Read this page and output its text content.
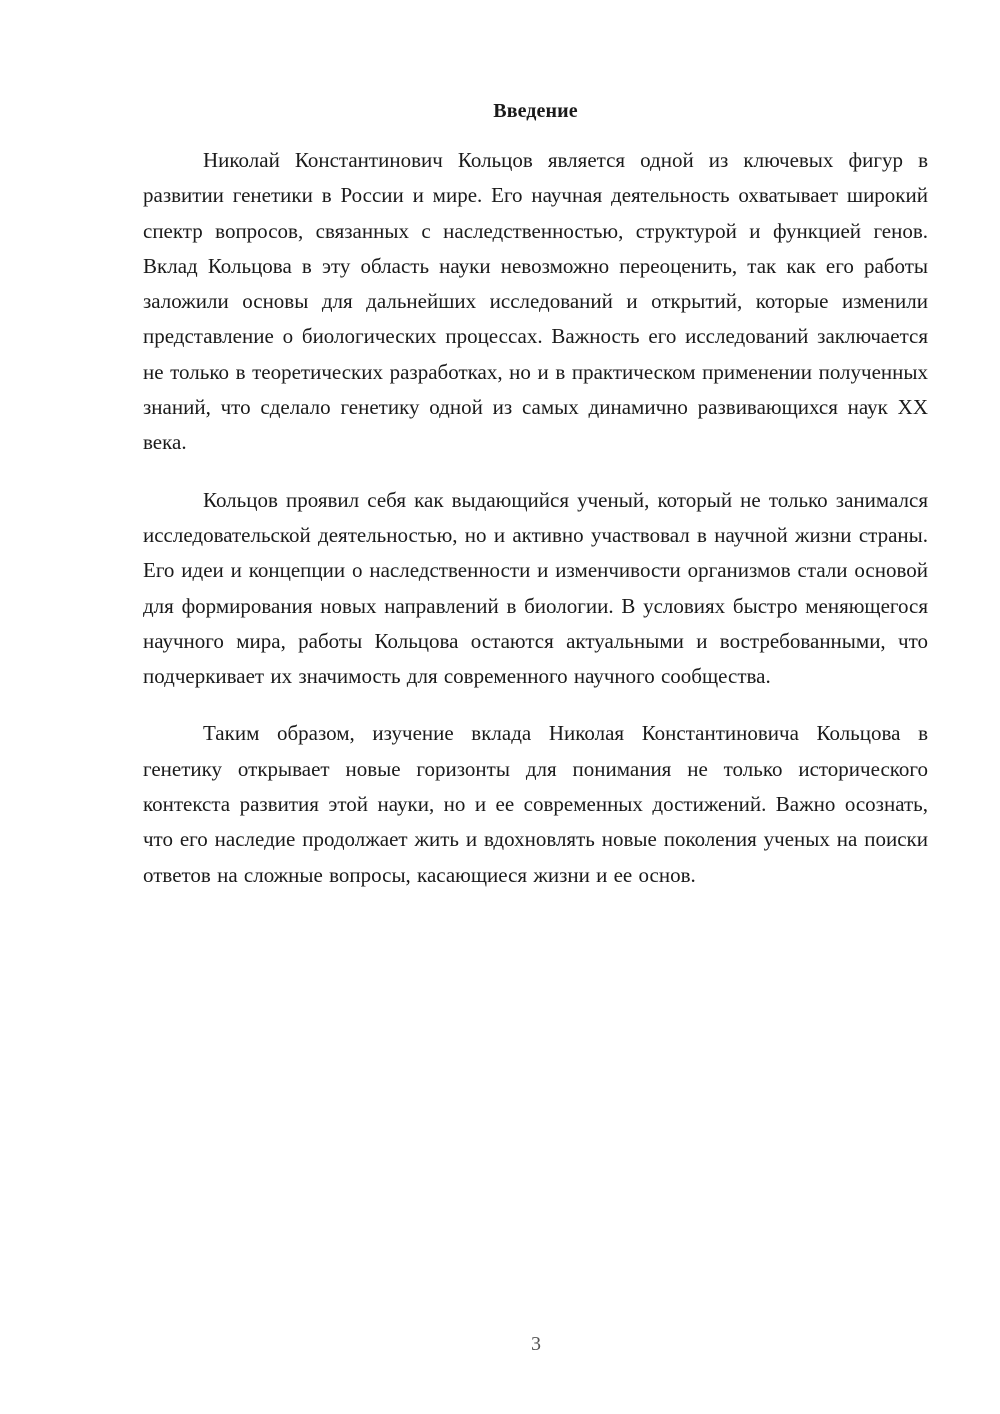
Введение

Николай Константинович Кольцов является одной из ключевых фигур в развитии генетики в России и мире. Его научная деятельность охватывает широкий спектр вопросов, связанных с наследственностью, структурой и функцией генов. Вклад Кольцова в эту область науки невозможно переоценить, так как его работы заложили основы для дальнейших исследований и открытий, которые изменили представление о биологических процессах. Важность его исследований заключается не только в теоретических разработках, но и в практическом применении полученных знаний, что сделало генетику одной из самых динамично развивающихся наук XX века.

Кольцов проявил себя как выдающийся ученый, который не только занимался исследовательской деятельностью, но и активно участвовал в научной жизни страны. Его идеи и концепции о наследственности и изменчивости организмов стали основой для формирования новых направлений в биологии. В условиях быстро меняющегося научного мира, работы Кольцова остаются актуальными и востребованными, что подчеркивает их значимость для современного научного сообщества.

Таким образом, изучение вклада Николая Константиновича Кольцова в генетику открывает новые горизонты для понимания не только исторического контекста развития этой науки, но и ее современных достижений. Важно осознать, что его наследие продолжает жить и вдохновлять новые поколения ученых на поиски ответов на сложные вопросы, касающиеся жизни и ее основ.

3
